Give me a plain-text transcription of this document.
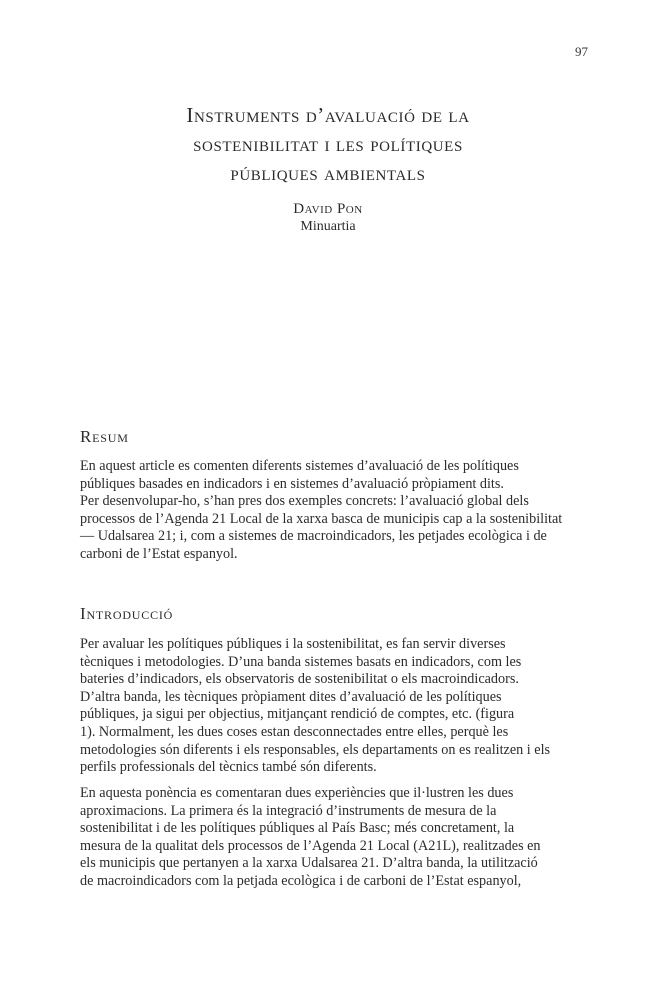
97
Instruments d’avaluació de la
sostenibilitat i les polítiques
públiques ambientals
David Pon
Minuartia
Resum

En aquest article es comenten diferents sistemes d’avaluació de les polítiques
públiques basades en indicadors i en sistemes d’avaluació pròpiament dits.
Per desenvolupar-ho, s’han pres dos exemples concrets: l’avaluació global dels
processos de l’Agenda 21 Local de la xarxa basca de municipis cap a la sostenibilitat
— Udalsarea 21; i, com a sistemes de macroindicadors, les petjades ecològica i de
carboni de l’Estat espanyol.

Introducció

Per avaluar les polítiques públiques i la sostenibilitat, es fan servir diverses
tècniques i metodologies. D’una banda sistemes basats en indicadors, com les
bateries d’indicadors, els observatoris de sostenibilitat o els macroindicadors.
D’altra banda, les tècniques pròpiament dites d’avaluació de les polítiques
públiques, ja sigui per objectius, mitjançant rendició de comptes, etc. (figura
1). Normalment, les dues coses estan desconnectades entre elles, perquè les
metodologies són diferents i els responsables, els departaments on es realitzen i els
perfils professionals del tècnics també són diferents.

En aquesta ponència es comentaran dues experiències que il·lustren les dues
aproximacions. La primera és la integració d’instruments de mesura de la
sostenibilitat i de les polítiques públiques al País Basc; més concretament, la
mesura de la qualitat dels processos de l’Agenda 21 Local (A21L), realitzades en
els municipis que pertanyen a la xarxa Udalsarea 21. D’altra banda, la utilització
de macroindicadors com la petjada ecològica i de carboni de l’Estat espanyol,
